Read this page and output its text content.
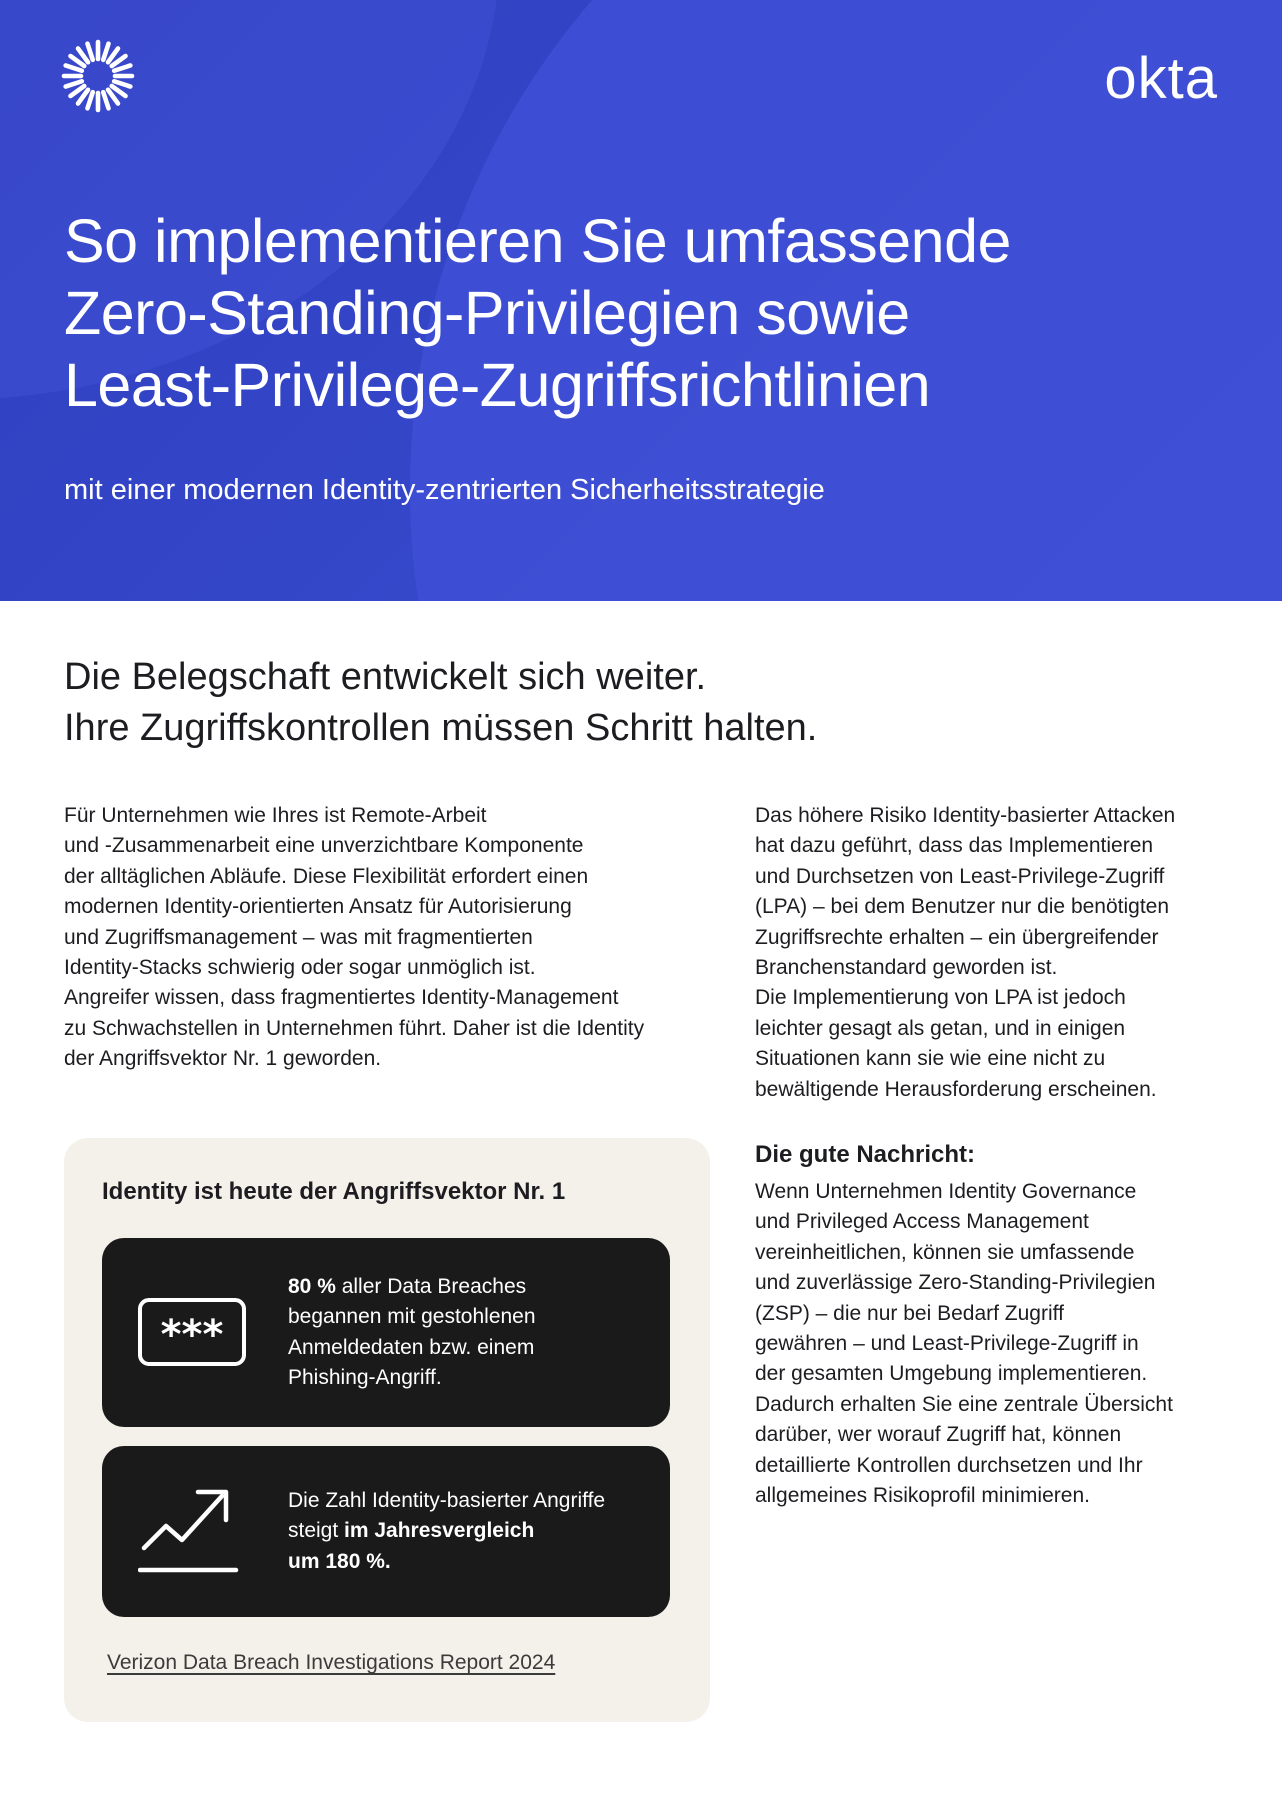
okta
So implementieren Sie umfassende
Zero-Standing-Privilegien sowie
Least-Privilege-Zugriffsrichtlinien

mit einer modernen Identity-zentrierten Sicherheitsstrategie

Die Belegschaft entwickelt sich weiter.
Ihre Zugriffskontrollen müssen Schritt halten.

Für Unternehmen wie Ihres ist Remote-Arbeit
und -Zusammenarbeit eine unverzichtbare Komponente
der alltäglichen Abläufe. Diese Flexibilität erfordert einen
modernen Identity-orientierten Ansatz für Autorisierung
und Zugriffsmanagement – was mit fragmentierten
Identity-Stacks schwierig oder sogar unmöglich ist.
Angreifer wissen, dass fragmentiertes Identity-Management
zu Schwachstellen in Unternehmen führt. Daher ist die Identity
der Angriffsvektor Nr. 1 geworden.

Das höhere Risiko Identity-basierter Attacken
hat dazu geführt, dass das Implementieren
und Durchsetzen von Least-Privilege-Zugriff
(LPA) – bei dem Benutzer nur die benötigten
Zugriffsrechte erhalten – ein übergreifender
Branchenstandard geworden ist.
Die Implementierung von LPA ist jedoch
leichter gesagt als getan, und in einigen
Situationen kann sie wie eine nicht zu
bewältigende Herausforderung erscheinen.

Die gute Nachricht:

Wenn Unternehmen Identity Governance
und Privileged Access Management
vereinheitlichen, können sie umfassende
und zuverlässige Zero-Standing-Privilegien
(ZSP) – die nur bei Bedarf Zugriff
gewähren – und Least-Privilege-Zugriff in
der gesamten Umgebung implementieren.
Dadurch erhalten Sie eine zentrale Übersicht
darüber, wer worauf Zugriff hat, können
detaillierte Kontrollen durchsetzen und Ihr
allgemeines Risikoprofil minimieren.

Identity ist heute der Angriffsvektor Nr. 1
***

80 % aller Data Breaches
begannen mit gestohlenen
Anmeldedaten bzw. einem
Phishing-Angriff.

Die Zahl Identity-basierter Angriffe
steigt im Jahresvergleich
um 180 %.

Verizon Data Breach Investigations Report 2024
